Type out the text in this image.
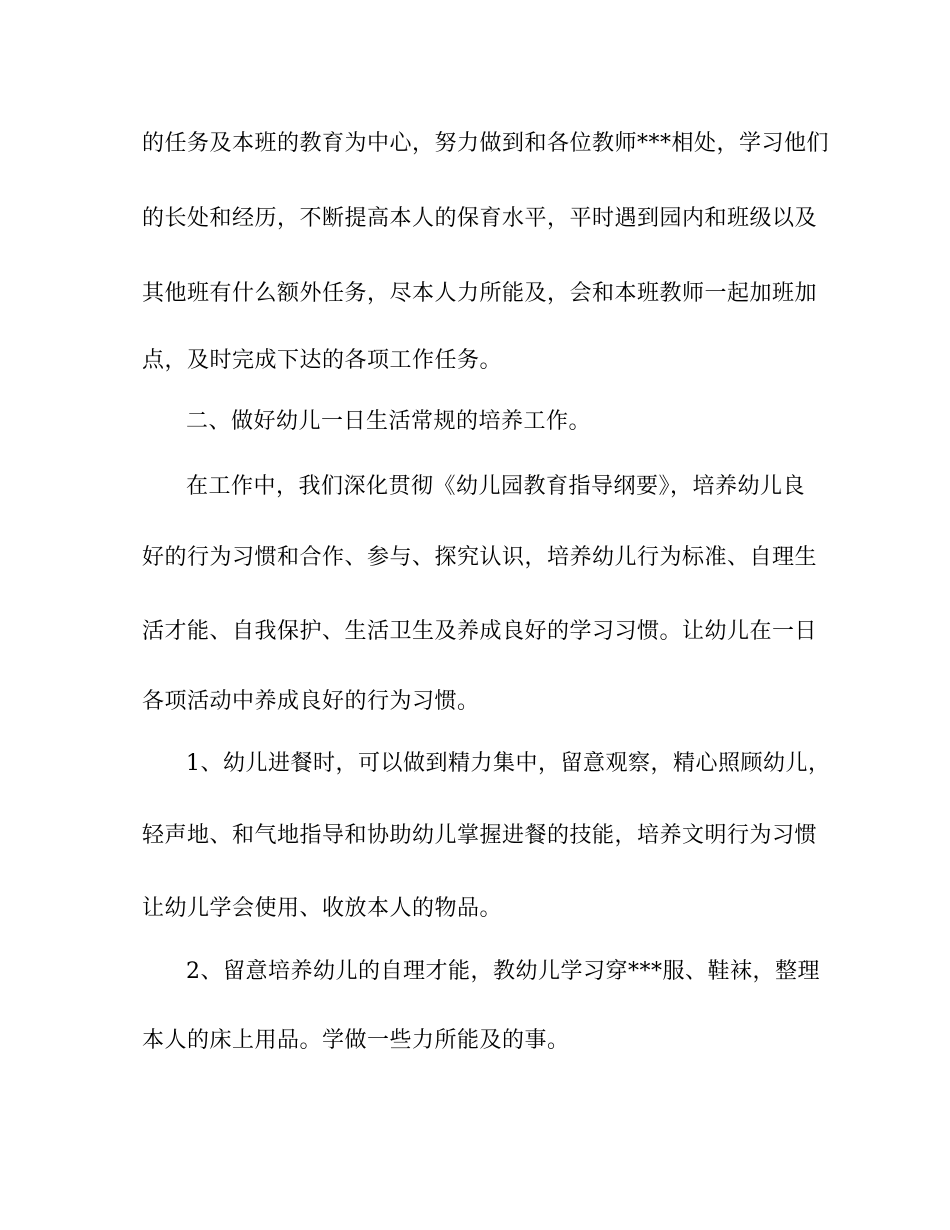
的任务及本班的教育为中心，努力做到和各位教师***相处，学习他们
的长处和经历，不断提高本人的保育水平，平时遇到园内和班级以及
其他班有什么额外任务，尽本人力所能及，会和本班教师一起加班加
点，及时完成下达的各项工作任务。
二、做好幼儿一日生活常规的培养工作。
在工作中，我们深化贯彻《幼儿园教育指导纲要》，培养幼儿良
好的行为习惯和合作、参与、探究认识，培养幼儿行为标准、自理生
活才能、自我保护、生活卫生及养成良好的学习习惯。让幼儿在一日
各项活动中养成良好的行为习惯。
1、幼儿进餐时，可以做到精力集中，留意观察，精心照顾幼儿，
轻声地、和气地指导和协助幼儿掌握进餐的技能，培养文明行为习惯
让幼儿学会使用、收放本人的物品。
2、留意培养幼儿的自理才能，教幼儿学习穿***服、鞋袜，整理
本人的床上用品。学做一些力所能及的事。
